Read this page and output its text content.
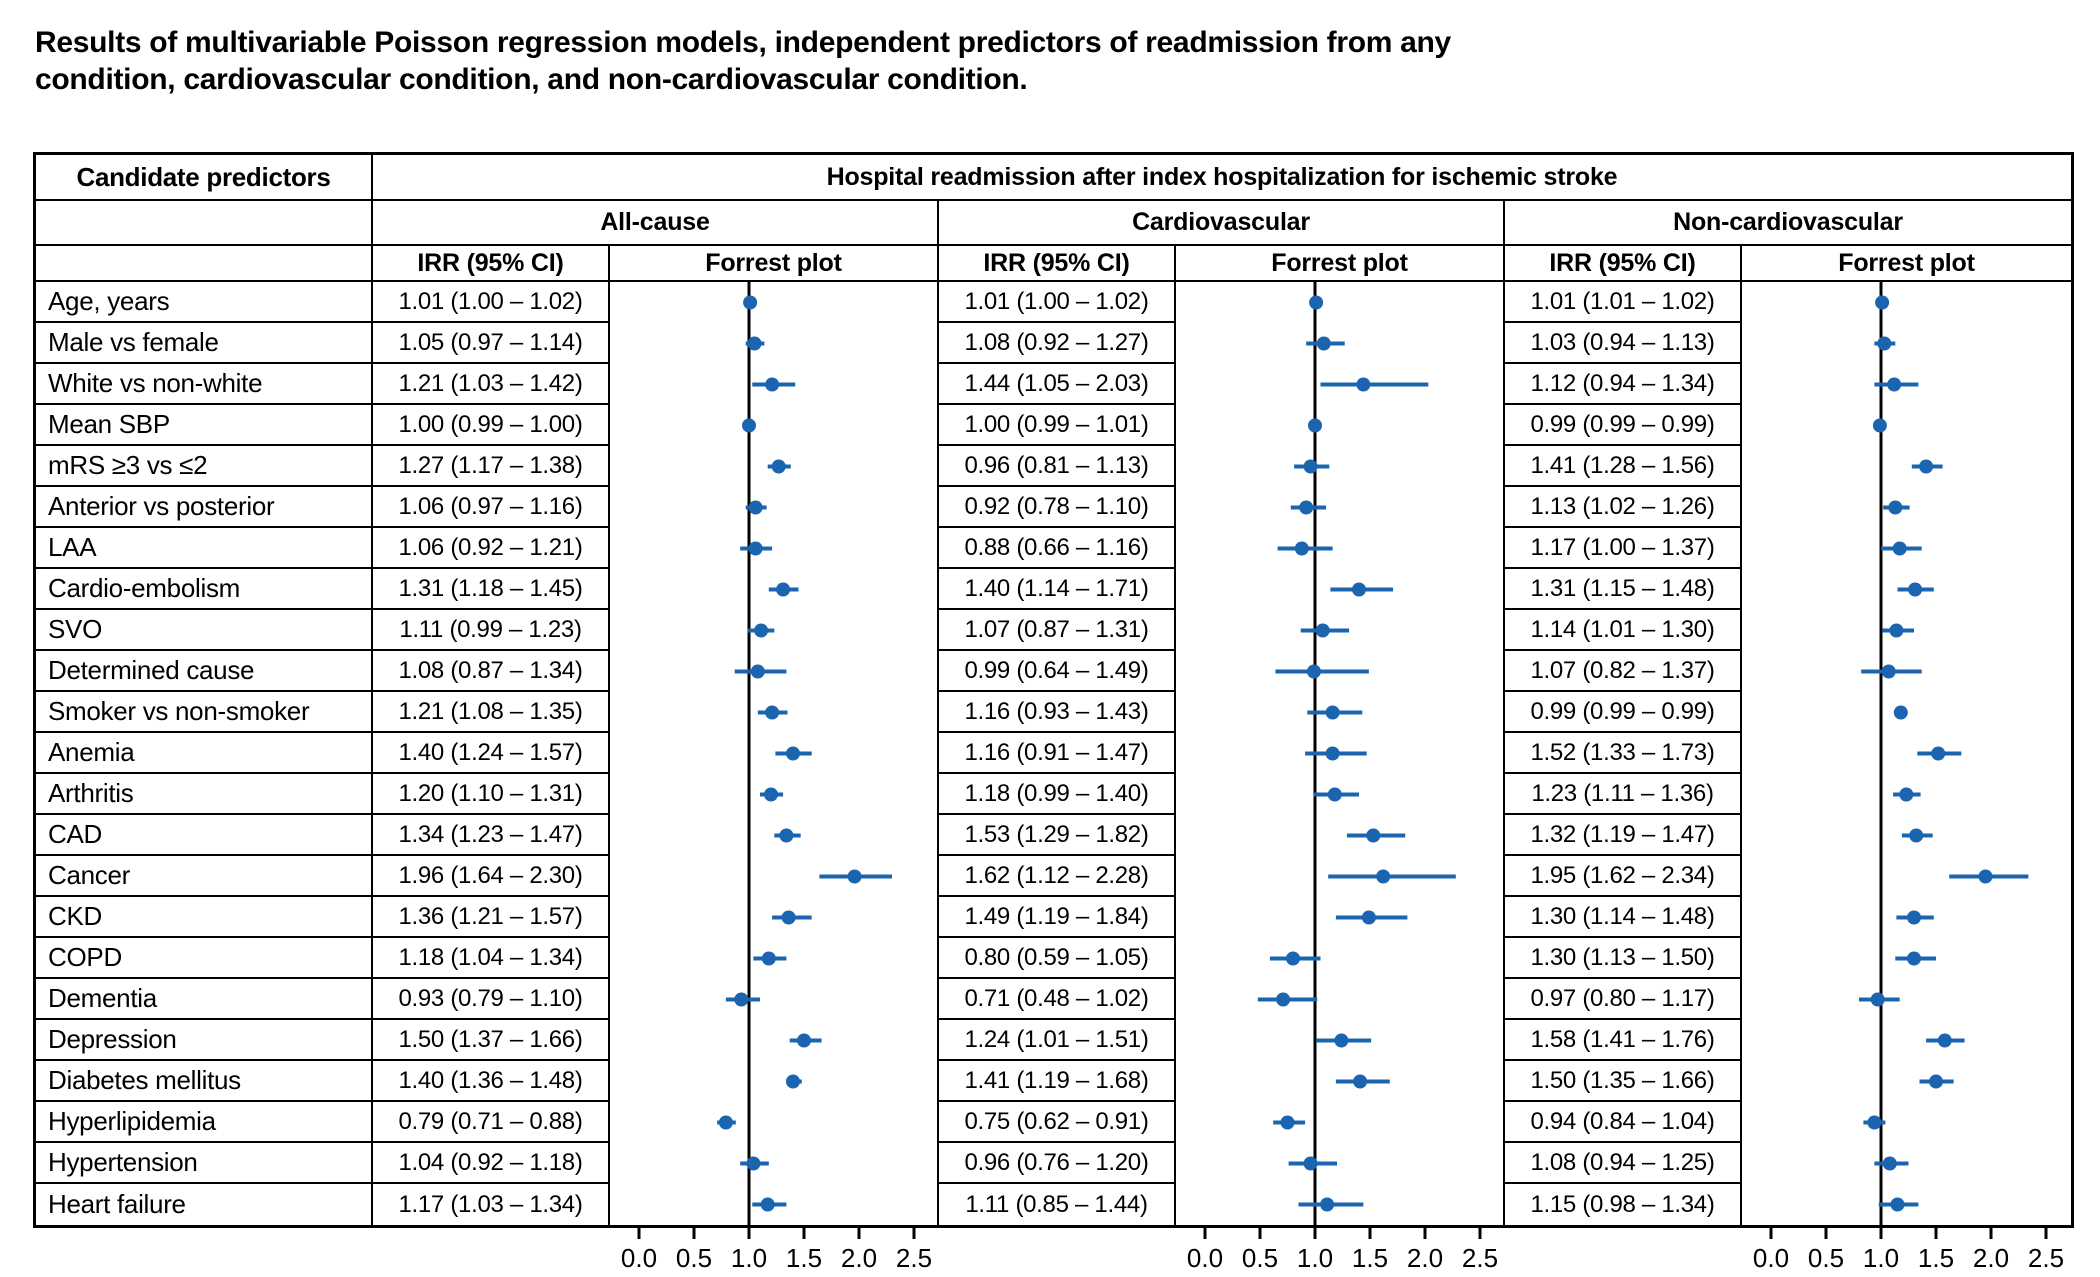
Results of multivariable Poisson regression models, independent predictors of readmission from any
condition, cardiovascular condition, and non-cardiovascular condition.
Candidate predictors	Hospital readmission after index hospitalization for ischemic stroke
All-cause	Cardiovascular	Non-cardiovascular
IRR (95% CI)	Forrest plot	IRR (95% CI)	Forrest plot	IRR (95% CI)	Forrest plot
Age, years	1.01 (1.00 – 1.02)	1.01 (1.00 – 1.02)	1.01 (1.01 – 1.02)
Male vs female	1.05 (0.97 – 1.14)	1.08 (0.92 – 1.27)	1.03 (0.94 – 1.13)
White vs non-white	1.21 (1.03 – 1.42)	1.44 (1.05 – 2.03)	1.12 (0.94 – 1.34)
Mean SBP	1.00 (0.99 – 1.00)	1.00 (0.99 – 1.01)	0.99 (0.99 – 0.99)
mRS ≥3 vs ≤2	1.27 (1.17 – 1.38)	0.96 (0.81 – 1.13)	1.41 (1.28 – 1.56)
Anterior vs posterior	1.06 (0.97 – 1.16)	0.92 (0.78 – 1.10)	1.13 (1.02 – 1.26)
LAA	1.06 (0.92 – 1.21)	0.88 (0.66 – 1.16)	1.17 (1.00 – 1.37)
Cardio-embolism	1.31 (1.18 – 1.45)	1.40 (1.14 – 1.71)	1.31 (1.15 – 1.48)
SVO	1.11 (0.99 – 1.23)	1.07 (0.87 – 1.31)	1.14 (1.01 – 1.30)
Determined cause	1.08 (0.87 – 1.34)	0.99 (0.64 – 1.49)	1.07 (0.82 – 1.37)
Smoker vs non-smoker	1.21 (1.08 – 1.35)	1.16 (0.93 – 1.43)	0.99 (0.99 – 0.99)
Anemia	1.40 (1.24 – 1.57)	1.16 (0.91 – 1.47)	1.52 (1.33 – 1.73)
Arthritis	1.20 (1.10 – 1.31)	1.18 (0.99 – 1.40)	1.23 (1.11 – 1.36)
CAD	1.34 (1.23 – 1.47)	1.53 (1.29 – 1.82)	1.32 (1.19 – 1.47)
Cancer	1.96 (1.64 – 2.30)	1.62 (1.12 – 2.28)	1.95 (1.62 – 2.34)
CKD	1.36 (1.21 – 1.57)	1.49 (1.19 – 1.84)	1.30 (1.14 – 1.48)
COPD	1.18 (1.04 – 1.34)	0.80 (0.59 – 1.05)	1.30 (1.13 – 1.50)
Dementia	0.93 (0.79 – 1.10)	0.71 (0.48 – 1.02)	0.97 (0.80 – 1.17)
Depression	1.50 (1.37 – 1.66)	1.24 (1.01 – 1.51)	1.58 (1.41 – 1.76)
Diabetes mellitus	1.40 (1.36 – 1.48)	1.41 (1.19 – 1.68)	1.50 (1.35 – 1.66)
Hyperlipidemia	0.79 (0.71 – 0.88)	0.75 (0.62 – 0.91)	0.94 (0.84 – 1.04)
Hypertension	1.04 (0.92 – 1.18)	0.96 (0.76 – 1.20)	1.08 (0.94 – 1.25)
Heart failure	1.17 (1.03 – 1.34)	1.11 (0.85 – 1.44)	1.15 (0.98 – 1.34)
0.0 0.5 1.0 1.5 2.0 2.5	0.0 0.5 1.0 1.5 2.0 2.5	0.0 0.5 1.0 1.5 2.0 2.5
